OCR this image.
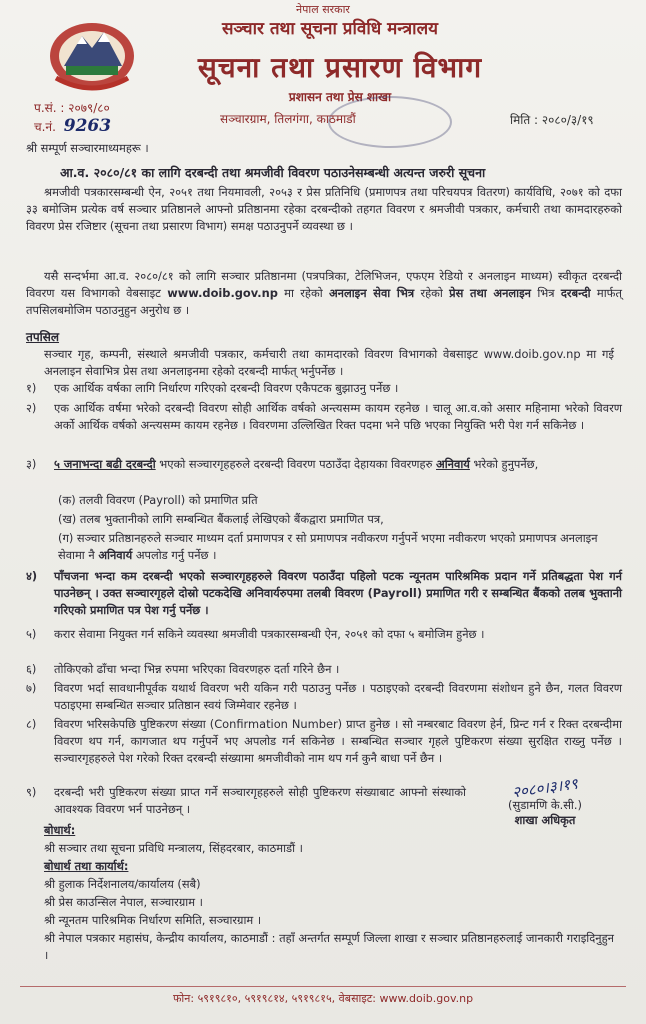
नेपाल सरकार
सञ्चार तथा सूचना प्रविधि मन्त्रालय
सूचना तथा प्रसारण विभाग
प्रशासन तथा प्रेस शाखा
सञ्चारग्राम, तिलगंगा, काठमाडौं
प.सं. : २०७९/८०
च.नं. 9263	मिति : २०८०/३/१९
श्री सम्पूर्ण सञ्चारमाध्यमहरू ।
आ.व. २०८०/८१ का लागि दरबन्दी तथा श्रमजीवी विवरण पठाउनेसम्बन्धी अत्यन्त जरुरी सूचना
श्रमजीवी पत्रकारसम्बन्धी ऐन, २०५१ तथा नियमावली, २०५३ र प्रेस प्रतिनिधि (प्रमाणपत्र तथा परिचयपत्र वितरण) कार्यविधि, २०७१ को दफा ३३ बमोजिम प्रत्येक वर्ष सञ्चार प्रतिष्ठानले आफ्नो प्रतिष्ठानमा रहेका दरबन्दीको तहगत विवरण र श्रमजीवी पत्रकार, कर्मचारी तथा कामदारहरुको विवरण प्रेस रजिष्टार (सूचना तथा प्रसारण विभाग) समक्ष पठाउनुपर्ने व्यवस्था छ ।
यसै सन्दर्भमा आ.व. २०८०/८१ को लागि सञ्चार प्रतिष्ठानमा (पत्रपत्रिका, टेलिभिजन, एफएम रेडियो र अनलाइन माध्यम) स्वीकृत दरबन्दी विवरण यस विभागको वेबसाइट www.doib.gov.np मा रहेको अनलाइन सेवा भित्र रहेको प्रेस तथा अनलाइन भित्र दरबन्दी मार्फत् तपसिलबमोजिम पठाउनुहुन अनुरोध छ ।
तपसिल
सञ्चार गृह, कम्पनी, संस्थाले श्रमजीवी पत्रकार, कर्मचारी तथा कामदारको विवरण विभागको वेबसाइट www.doib.gov.np मा गई अनलाइन सेवाभित्र प्रेस तथा अनलाइनमा रहेको दरबन्दी मार्फत् भर्नुपर्नेछ ।
१)	एक आर्थिक वर्षका लागि निर्धारण गरिएको दरबन्दी विवरण एकैपटक बुझाउनु पर्नेछ ।
२)	एक आर्थिक वर्षमा भरेको दरबन्दी विवरण सोही आर्थिक वर्षको अन्त्यसम्म कायम रहनेछ । चालू आ.व.को असार महिनामा भरेको विवरण अर्को आर्थिक वर्षको अन्त्यसम्म कायम रहनेछ । विवरणमा उल्लिखित रिक्त पदमा भने पछि भएका नियुक्ति भरी पेश गर्न सकिनेछ ।
३)	५ जनाभन्दा बढी दरबन्दी भएको सञ्चारगृहहरुले दरबन्दी विवरण पठाउँदा देहायका विवरणहरु अनिवार्य भरेको हुनुपर्नेछ,
(क) तलवी विवरण (Payroll) को प्रमाणित प्रति
(ख) तलब भुक्तानीको लागि सम्बन्धित बैंकलाई लेखिएको बैंकद्वारा प्रमाणित पत्र,
(ग) सञ्चार प्रतिष्ठानहरुले सञ्चार माध्यम दर्ता प्रमाणपत्र र सो प्रमाणपत्र नवीकरण गर्नुपर्ने भएमा नवीकरण भएको प्रमाणपत्र अनलाइन सेवामा नै अनिवार्य अपलोड गर्नु पर्नेछ ।
४)	पाँचजना भन्दा कम दरबन्दी भएको सञ्चारगृहहरुले विवरण पठाउँदा पहिलो पटक न्यूनतम पारिश्रमिक प्रदान गर्ने प्रतिबद्धता पेश गर्न पाउनेछन् । उक्त सञ्चारगृहले दोस्रो पटकदेखि अनिवार्यरुपमा तलबी विवरण (Payroll) प्रमाणित गरी र सम्बन्धित बैंकको तलब भुक्तानी गरिएको प्रमाणित पत्र पेश गर्नु पर्नेछ ।
५)	करार सेवामा नियुक्त गर्न सकिने व्यवस्था श्रमजीवी पत्रकारसम्बन्धी ऐन, २०५१ को दफा ५ बमोजिम हुनेछ ।
६)	तोकिएको ढाँचा भन्दा भिन्न रुपमा भरिएका विवरणहरु दर्ता गरिने छैन ।
७)	विवरण भर्दा सावधानीपूर्वक यथार्थ विवरण भरी यकिन गरी पठाउनु पर्नेछ । पठाइएको दरबन्दी विवरणमा संशोधन हुने छैन, गलत विवरण पठाइएमा सम्बन्धित सञ्चार प्रतिष्ठान स्वयं जिम्मेवार रहनेछ ।
८)	विवरण भरिसकेपछि पुष्टिकरण संख्या (Confirmation Number) प्राप्त हुनेछ । सो नम्बरबाट विवरण हेर्न, प्रिन्ट गर्न र रिक्त दरबन्दीमा विवरण थप गर्न, कागजात थप गर्नुपर्ने भए अपलोड गर्न सकिनेछ । सम्बन्धित सञ्चार गृहले पुष्टिकरण संख्या सुरक्षित राख्नु पर्नेछ । सञ्चारगृहहरुले पेश गरेको रिक्त दरबन्दी संख्यामा श्रमजीवीको नाम थप गर्न कुनै बाधा पर्ने छैन ।
९)	दरबन्दी भरी पुष्टिकरण संख्या प्राप्त गर्ने सञ्चारगृहहरुले सोही पुष्टिकरण संख्याबाट आफ्नो संस्थाको आवश्यक विवरण भर्न पाउनेछन् ।
२०८०।३।१९
(सुडामणि के.सी.)
शाखा अधिकृत
बोधार्थ:
श्री सञ्चार तथा सूचना प्रविधि मन्त्रालय, सिंहदरबार, काठमाडौं ।
बोधार्थ तथा कार्यार्थ:
श्री हुलाक निर्देशनालय/कार्यालय (सबै)
श्री प्रेस काउन्सिल नेपाल, सञ्चारग्राम ।
श्री न्यूनतम पारिश्रमिक निर्धारण समिति, सञ्चारग्राम ।
श्री नेपाल पत्रकार महासंघ, केन्द्रीय कार्यालय, काठमाडौं : तहाँ अन्तर्गत सम्पूर्ण जिल्ला शाखा र सञ्चार प्रतिष्ठानहरुलाई जानकारी गराइदिनुहुन ।
फोन: ५९१९८१०, ५९१९८१४, ५९१९८१५, वेबसाइट: www.doib.gov.np
